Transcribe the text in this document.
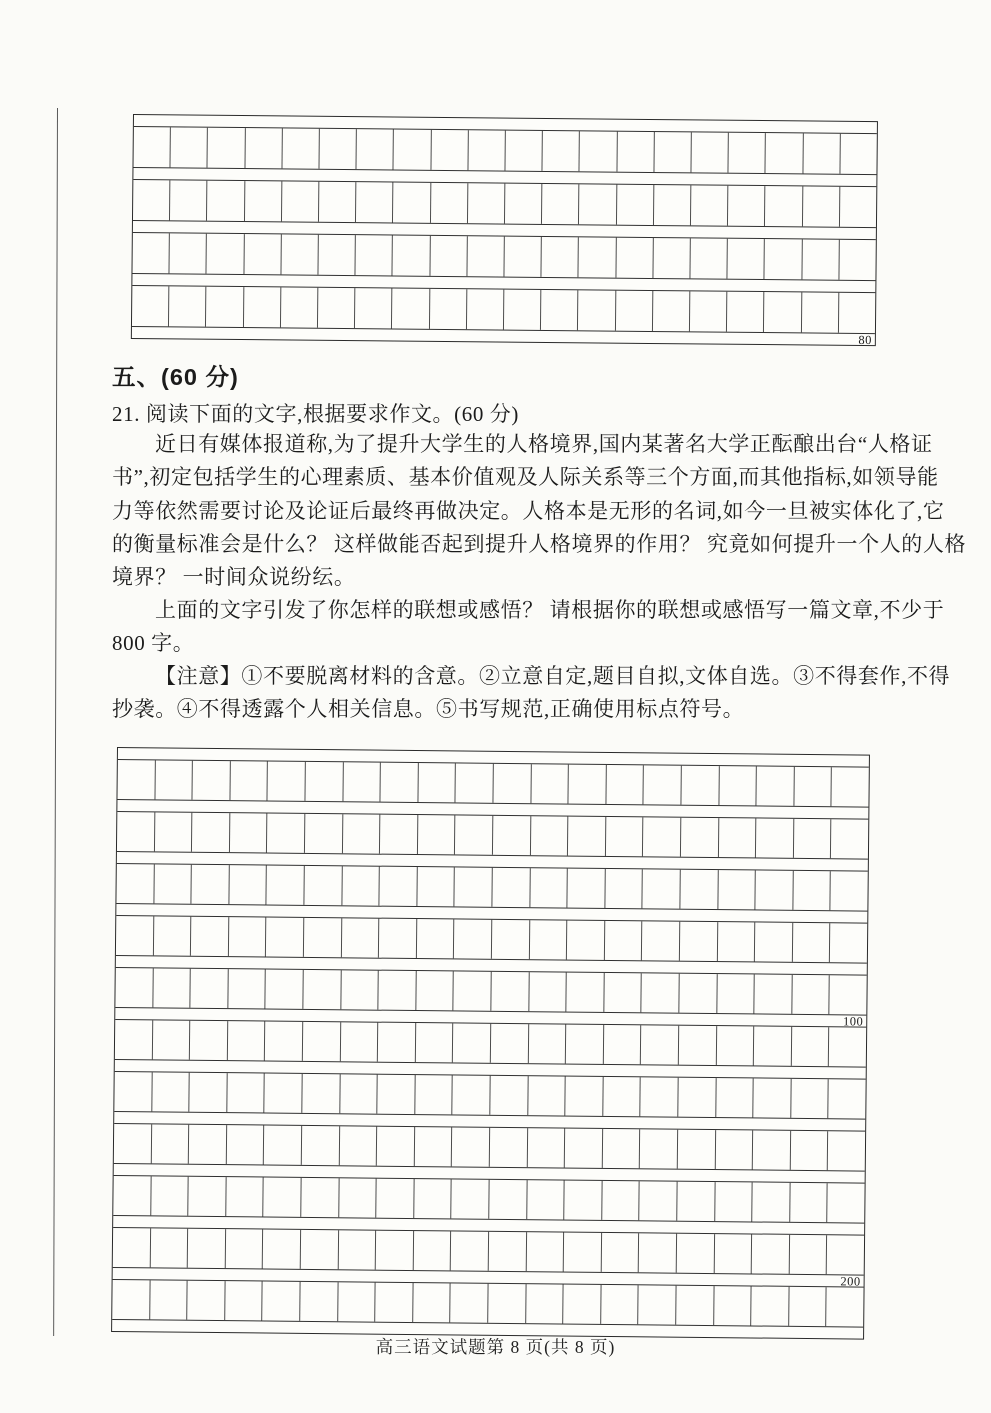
80
五、(60 分)
21. 阅读下面的文字,根据要求作文。(60 分)
近日有媒体报道称,为了提升大学生的人格境界,国内某著名大学正酝酿出台“人格证
书”,初定包括学生的心理素质、基本价值观及人际关系等三个方面,而其他指标,如领导能
力等依然需要讨论及论证后最终再做决定。人格本是无形的名词,如今一旦被实体化了,它
的衡量标准会是什么？ 这样做能否起到提升人格境界的作用？ 究竟如何提升一个人的人格
境界？ 一时间众说纷纭。
上面的文字引发了你怎样的联想或感悟？ 请根据你的联想或感悟写一篇文章,不少于
800 字。
【注意】①不要脱离材料的含意。②立意自定,题目自拟,文体自选。③不得套作,不得
抄袭。④不得透露个人相关信息。⑤书写规范,正确使用标点符号。
100
200
高三语文试题第 8 页(共 8 页)
